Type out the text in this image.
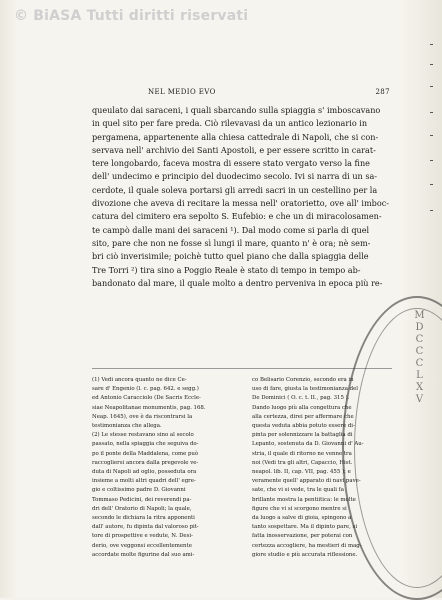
© BiASA Tutti diritti riservati
NEL MEDIO EVO	287
queulato dai saraceni, i quali sbarcando sulla spiaggia s' imboscavano
in quel sito per fare preda. Ciò rilevavasi da un antico lezionario in
pergamena, appartenente alla chiesa cattedrale di Napoli, che si con-
servava nell' archivio dei Santi Apostoli, e per essere scritto in carat-
tere longobardo, faceva mostra di essere stato vergato verso la fine
dell' undecimo e principio del duodecimo secolo. Ivi si narra di un sa-
cerdote, il quale soleva portarsi gli arredi sacri in un cestellino per la
divozione che aveva di recitare la messa nell' oratorietto, ove all' imboc-
catura del cimitero era sepolto S. Eufebio: e che un di miracolosamen-
te campò dalle mani dei saraceni ¹). Dal modo come si parla di quel
sito, pare che non ne fosse sì lungi il mare, quanto n' è ora; nè sem-
bri ciò inverisimile; poichè tutto quel piano che dalla spiaggia delle
Tre Torri ²) tira sino a Poggio Reale è stato di tempo in tempo ab-
bandonato dal mare, il quale molto a dentro perveniva in epoca più re-
(1) Vedi ancora quanto ne dice Ce-
sare d' Engenio (l. c. pag. 642. e segg.)
ed Antonio Caracciolo (De Sacris Eccle-
siae Neapolitanae monumentis, pag. 168.
Neap. 1645), ove è da riscontrarsi la
testimonianza che allega.
(2) Le stesse restavano sino al secolo
passato, nella spiaggia che seguiva do-
po il ponte della Maddalena, come può
raccogliersi ancora dalla pregevole ve-
duta di Napoli ad oglio, posseduta ora
insieme a molti altri quadri dell' egre-
gio e coltissimo padre D. Giovanni
Tommaso Pedicini, dei reverendi pa-
dri dell' Oratorio di Napoli; la quale,
secondo le dichiara la ritra apponenti
dall' autore, fu dipinta dal valoroso pit-
tore di prospettive e vedute, N. Desi-
derio, ove veggonsi eccellentemente
accordate molte figurine dal suo ami-
co Belisario Corenzio, secondo era in
uso di fare, giusta la testimonianza del
De Dominici ( O. c. t. II., pag. 315 ).
Dando luogo più alla congettura che
alla certezza, direi per affermare che
questa veduta abbia potuto essere di-
pinta per solennizzare la battaglia di
Lepanto, sostenuta da D. Giovanni d' Au-
stria, il quale di ritorno ne venne tra
noi (Vedi tra gli altri, Capaccio, Hist.
neapol. lib. II, cap. VII, pag. 455 ); e
veramente quell' apparato di navi pave-
sate, che vi si vede, tra le quali fa
brillante mostra la pentiitica: le molte
figure che vi si scorgono mentre si
da luogo a salve di gioia, spingono a
tanto sospettare. Ma il dipinto pare, si
fatta inosservazione, per poterai con
certezza accogliere, ha mestieri di mag-
giore studio e più accurata riflessione.
MDCCCLXV
